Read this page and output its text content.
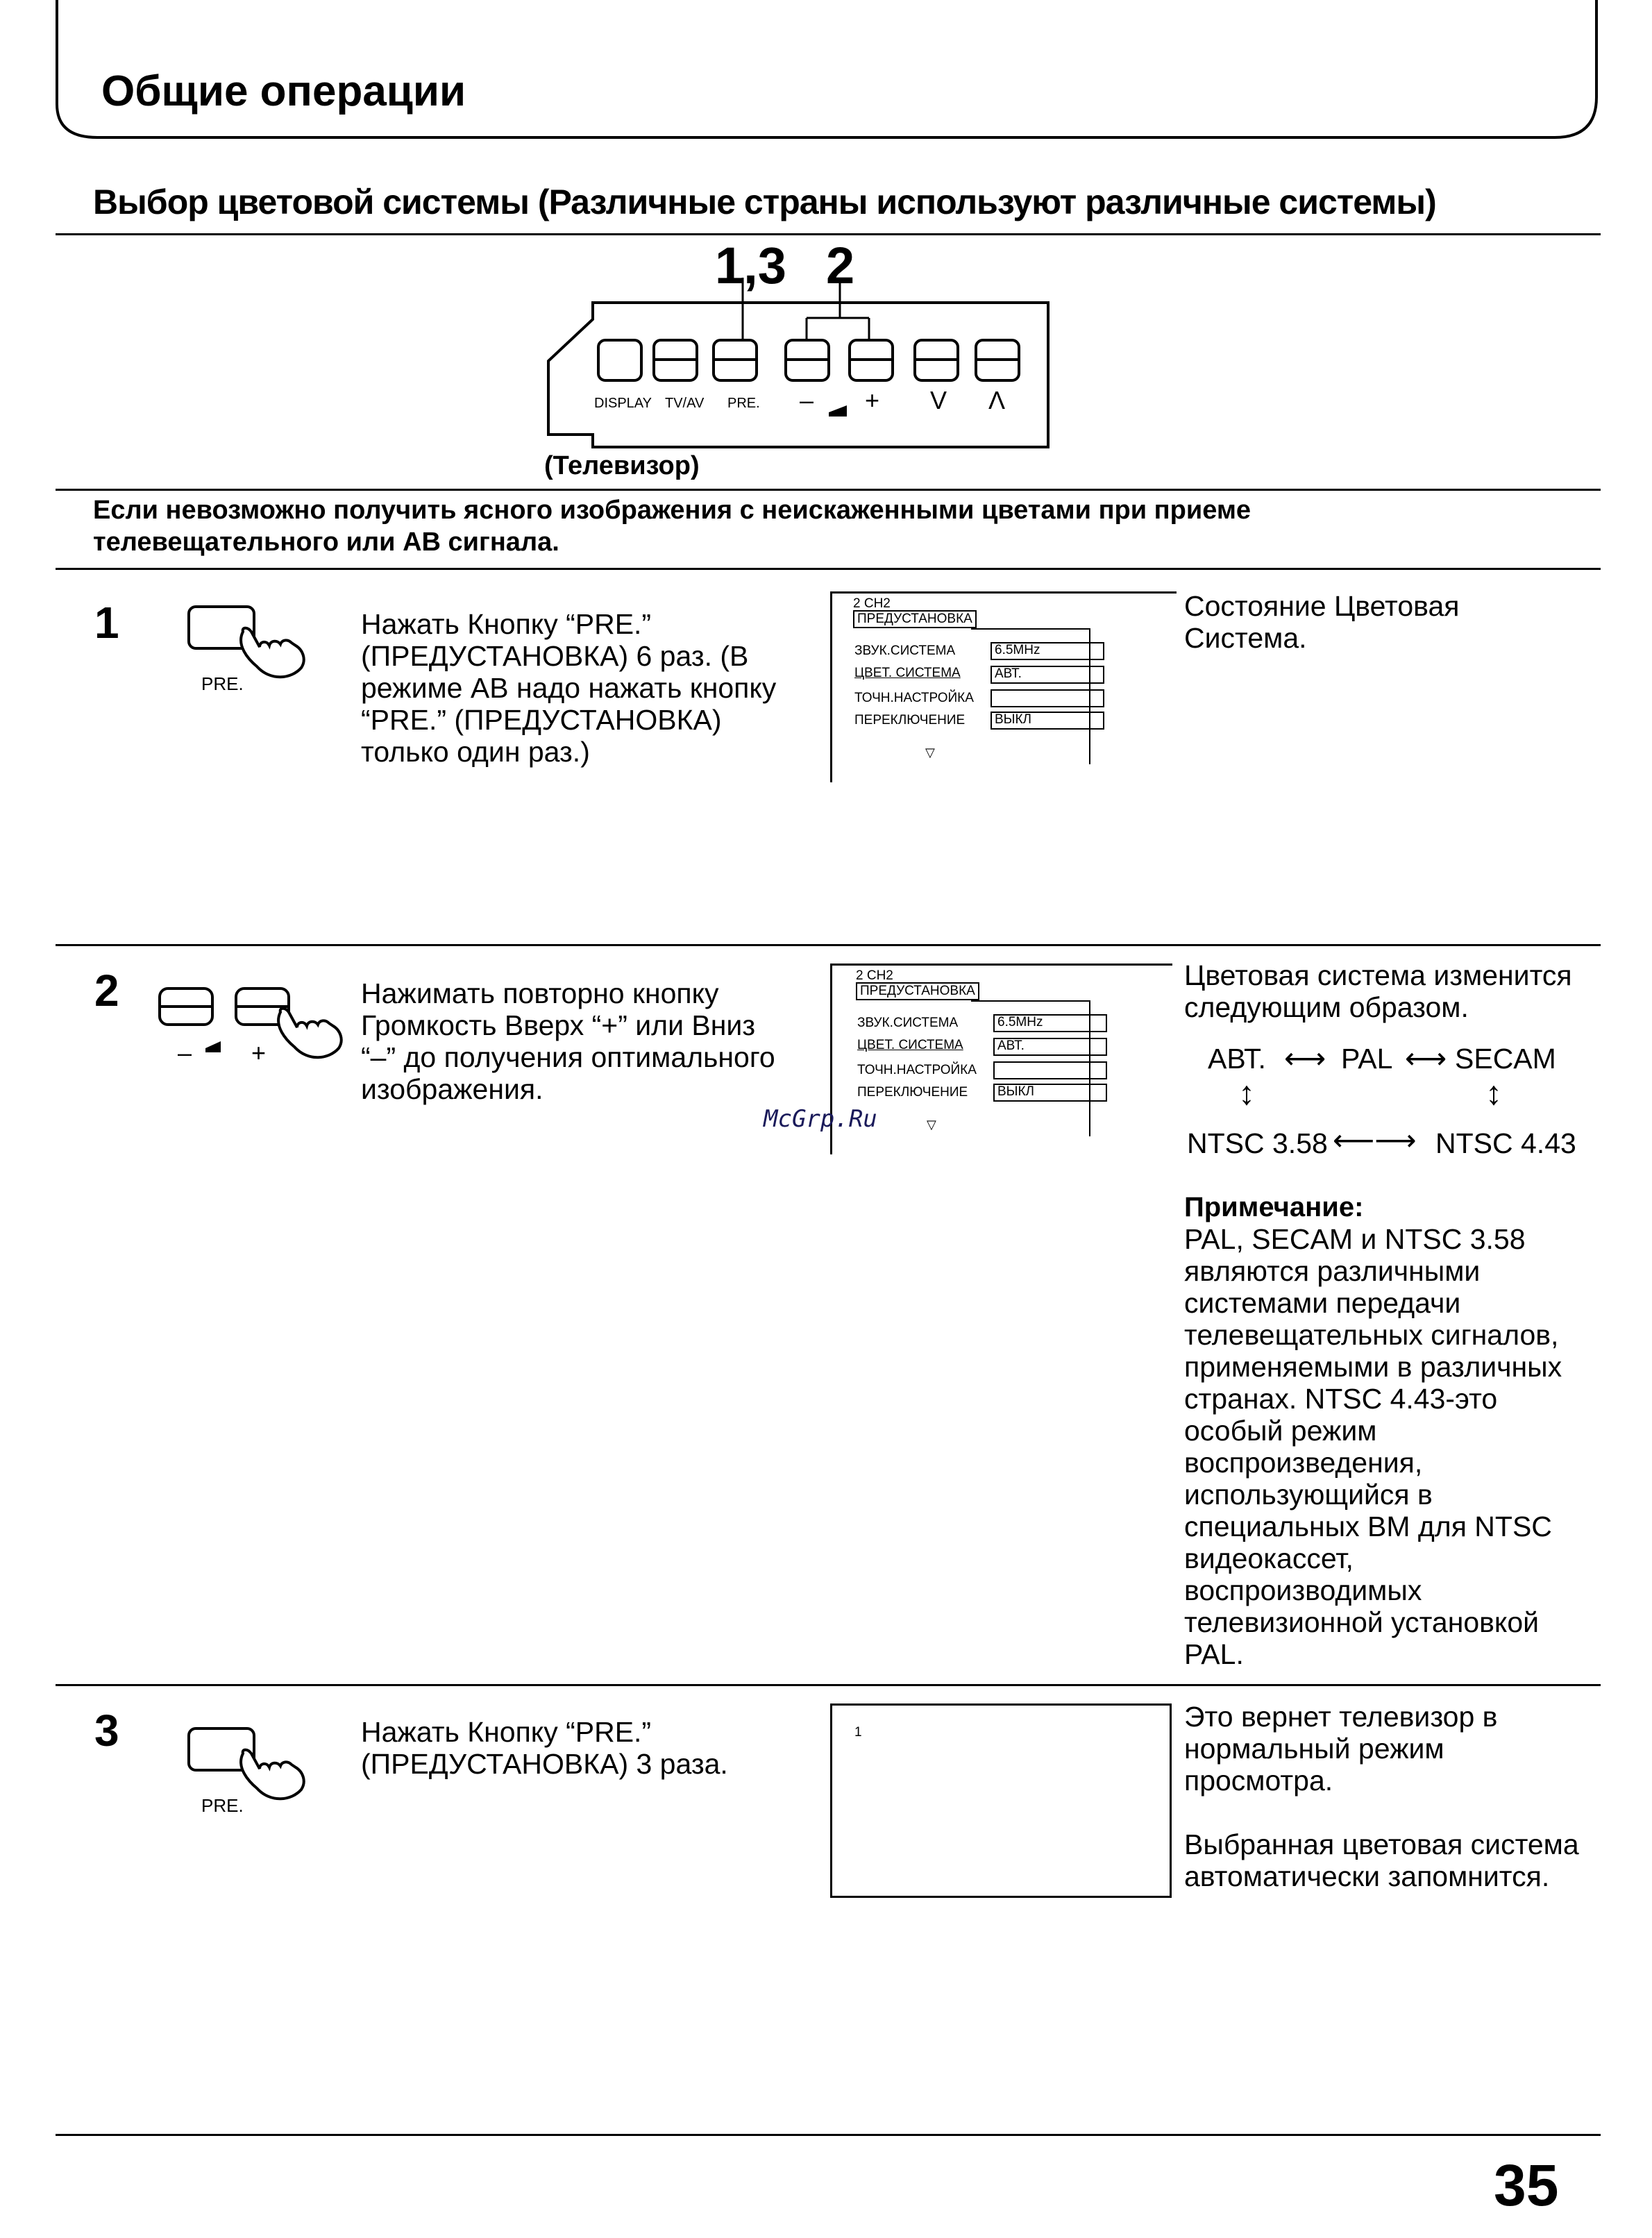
Общие операции
Выбор цветовой системы (Различные страны используют различные системы)
1,3 2
DISPLAY TV/AV PRE. – + V Λ
(Телевизор)
Если невозможно получить ясного изображения с неискаженными цветами при приеме
телевещательного или АВ сигнала.
1
PRE.
Нажать Кнопку “PRE.”
(ПРЕДУСТАНОВКА) 6 раз. (В
режиме АВ надо нажать кнопку
“PRE.” (ПРЕДУСТАНОВКА)
только один раз.)
2 CH2
ПРЕДУСТАНОВКА
ЗВУК.СИСТЕМА	6.5MHz
ЦВЕТ. СИСТЕМА	АВТ.
ТОЧН.НАСТРОЙКА
ПЕРЕКЛЮЧЕНИЕ	ВЫКЛ
▽
Состояние Цветовая
Система.
2
– +
Нажимать повторно кнопку
Громкость Вверх “+” или Вниз
“–” до получения оптимального
изображения.
2 CH2
ПРЕДУСТАНОВКА
ЗВУК.СИСТЕМА	6.5MHz
ЦВЕТ. СИСТЕМА	АВТ.
ТОЧН.НАСТРОЙКА
ПЕРЕКЛЮЧЕНИЕ	ВЫКЛ
▽
McGrp.Ru
Цветовая система изменится
следующим образом.
АВТ. ⟷ PAL ⟷ SECAM
↕	↕
NTSC 3.58 ⟵⟶ NTSC 4.43
Примечание:
PAL, SECAM и NTSC 3.58
являются различными
системами передачи
телевещательных сигналов,
применяемыми в различных
странах. NTSC 4.43-это
особый режим
воспроизведения,
использующийся в
специальных ВМ для NTSC
видеокассет,
воспроизводимых
телевизионной установкой
PAL.
3
PRE.
Нажать Кнопку “PRE.”
(ПРЕДУСТАНОВКА) 3 раза.
1	Это вернет телевизор в
нормальный режим
просмотра.
Выбранная цветовая система
автоматически запомнится.
35
